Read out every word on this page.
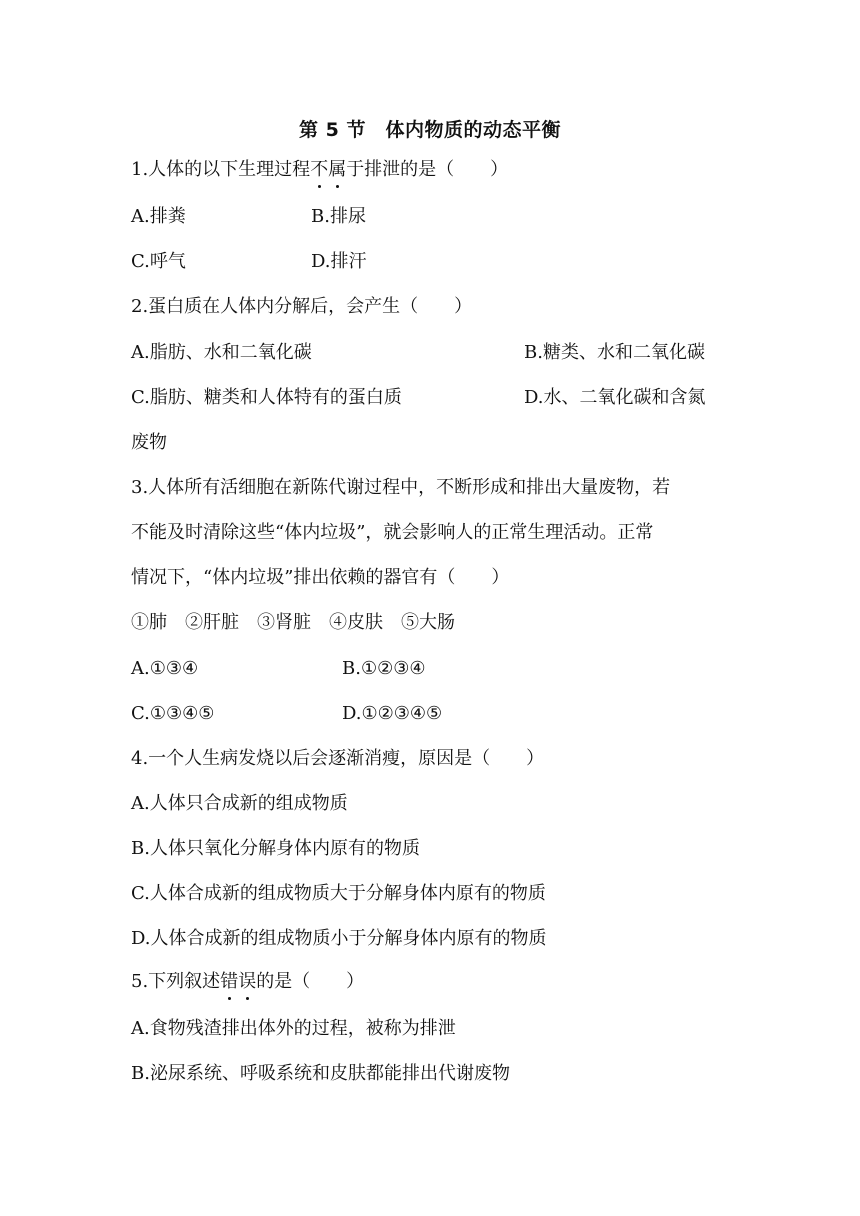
第 5 节　体内物质的动态平衡
1.人体的以下生理过程不属于排泄的是（　　）
A.排粪	B.排尿
C.呼气	D.排汗
2.蛋白质在人体内分解后，会产生（　　）
A.脂肪、水和二氧化碳	B.糖类、水和二氧化碳
C.脂肪、糖类和人体特有的蛋白质	D.水、二氧化碳和含氮
废物
3.人体所有活细胞在新陈代谢过程中，不断形成和排出大量废物，若
不能及时清除这些“体内垃圾”，就会影响人的正常生理活动。正常
情况下，“体内垃圾”排出依赖的器官有（　　）
①肺　②肝脏　③肾脏　④皮肤　⑤大肠
A.①③④	B.①②③④
C.①③④⑤	D.①②③④⑤
4.一个人生病发烧以后会逐渐消瘦，原因是（　　）
A.人体只合成新的组成物质
B.人体只氧化分解身体内原有的物质
C.人体合成新的组成物质大于分解身体内原有的物质
D.人体合成新的组成物质小于分解身体内原有的物质
5.下列叙述错误的是（　　）
A.食物残渣排出体外的过程，被称为排泄
B.泌尿系统、呼吸系统和皮肤都能排出代谢废物
